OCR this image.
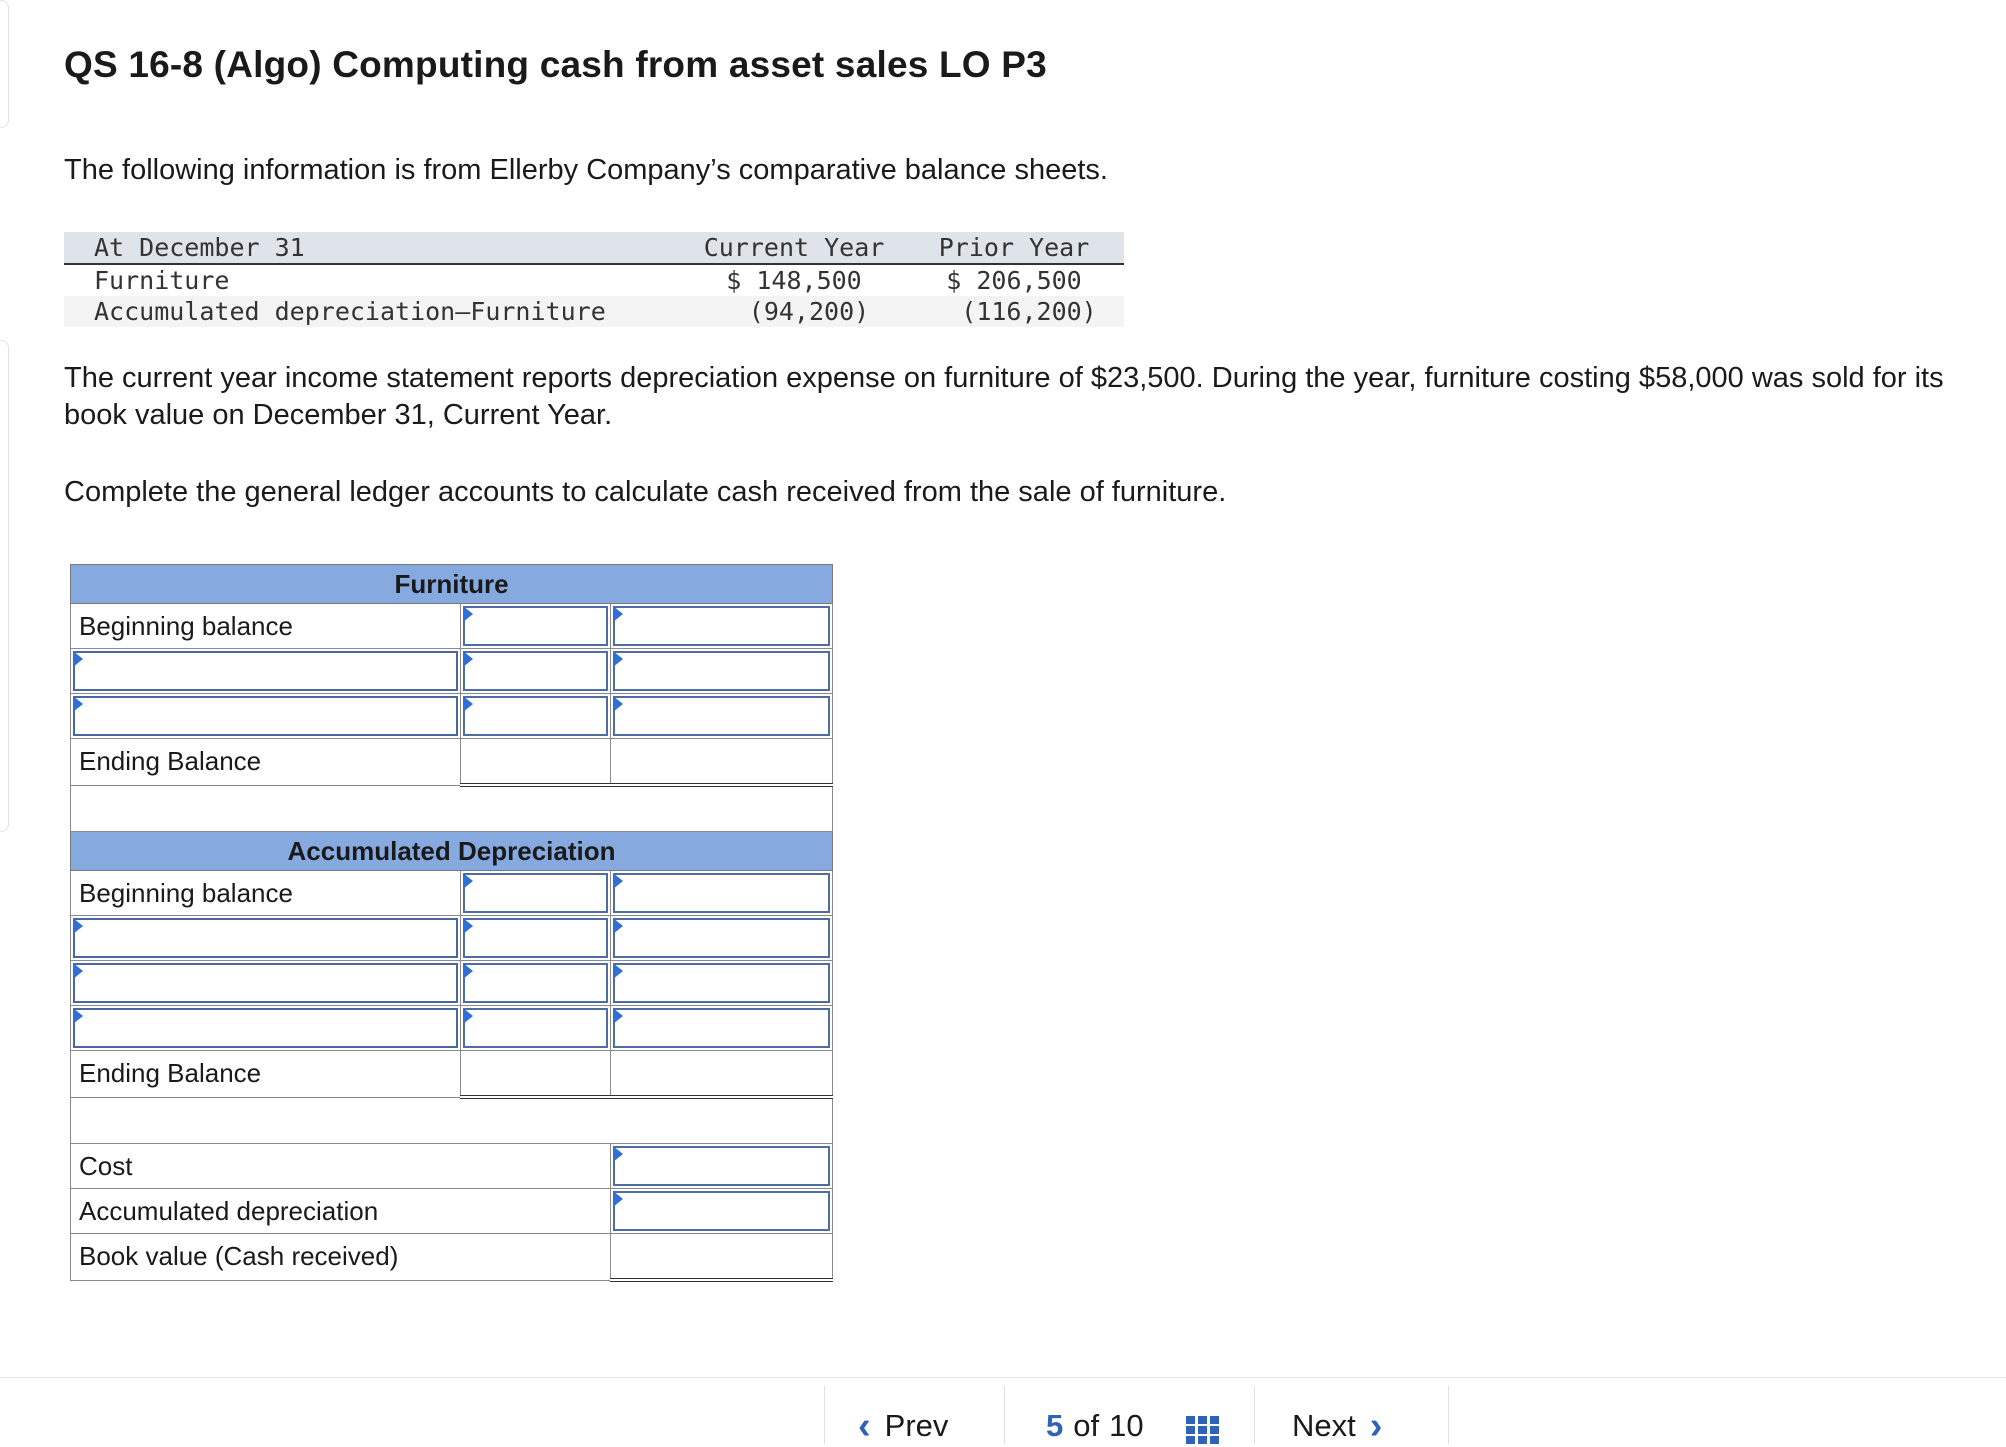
QS 16-8 (Algo) Computing cash from asset sales LO P3

The following information is from Ellerby Company’s comparative balance sheets.

At December 31	Current Year	Prior Year
Furniture	$ 148,500	$ 206,500
Accumulated depreciation—Furniture	(94,200)	(116,200)

The current year income statement reports depreciation expense on furniture of $23,500. During the year, furniture costing $58,000 was sold for its book value on December 31, Current Year.

Complete the general ledger accounts to calculate cash received from the sale of furniture.

Furniture		
Beginning balance	

Ending Balance		

Accumulated Depreciation		
Beginning balance	

Ending Balance		

Cost	

Accumulated depreciation	

Book value (Cash received)		
‹ Prev	5 of 10	Next ›
